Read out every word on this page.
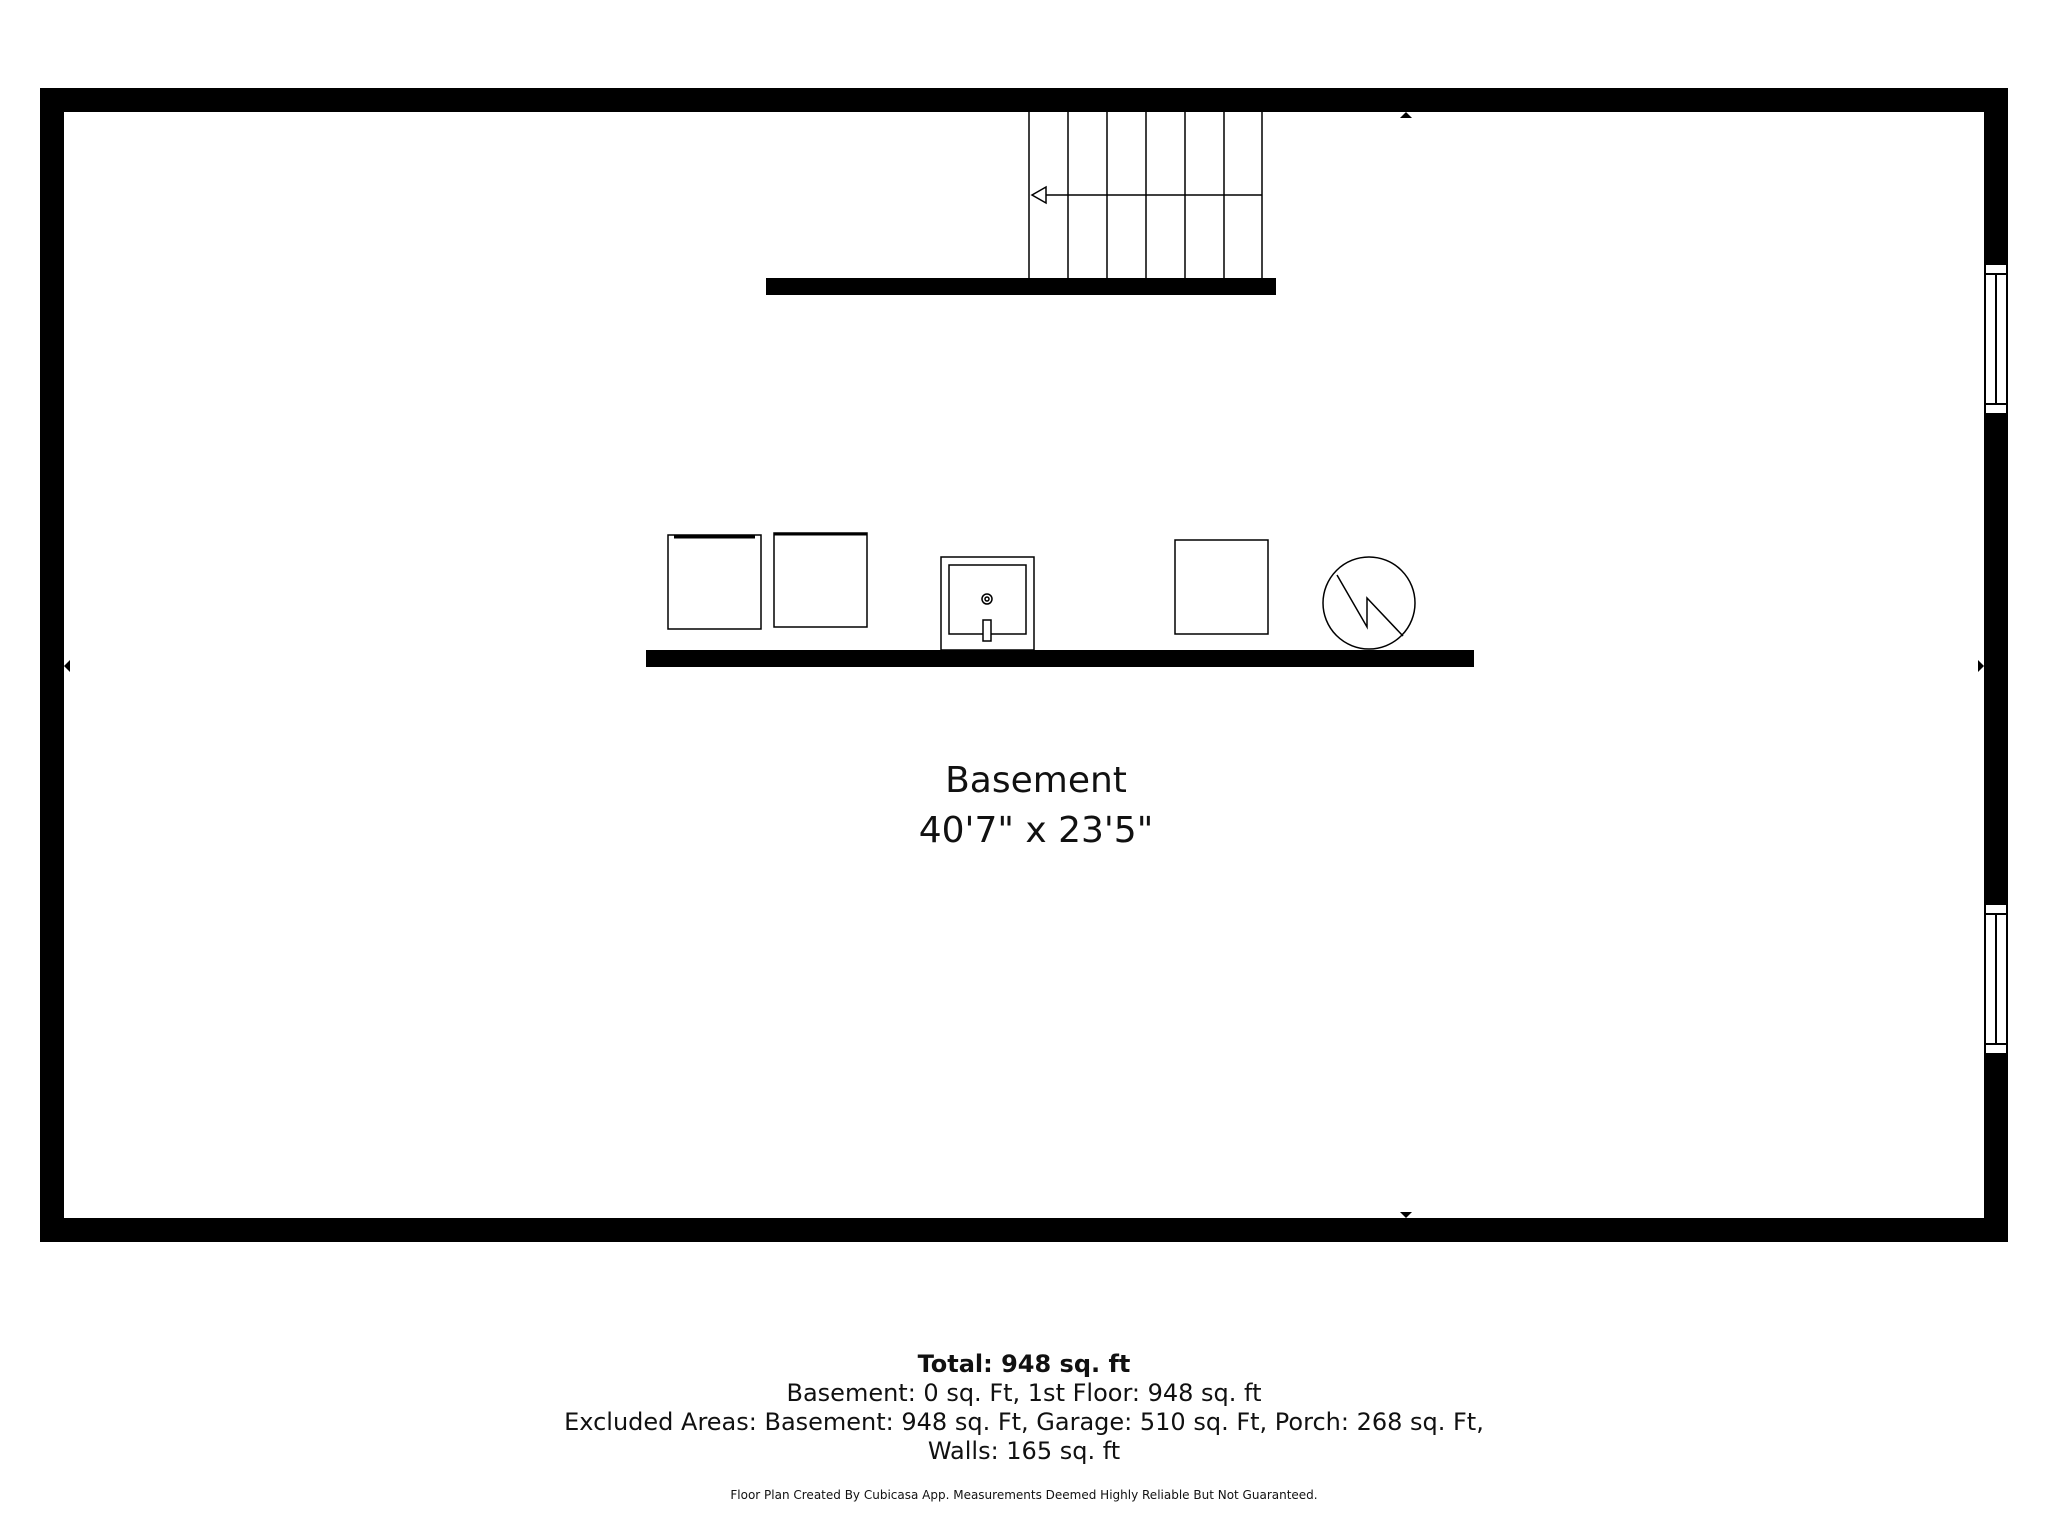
Basement
40'7" x 23'5"
Total: 948 sq. ft
Basement: 0 sq. Ft, 1st Floor: 948 sq. ft
Excluded Areas: Basement: 948 sq. Ft, Garage: 510 sq. Ft, Porch: 268 sq. Ft,
Walls: 165 sq. ft
Floor Plan Created By Cubicasa App. Measurements Deemed Highly Reliable But Not Guaranteed.
